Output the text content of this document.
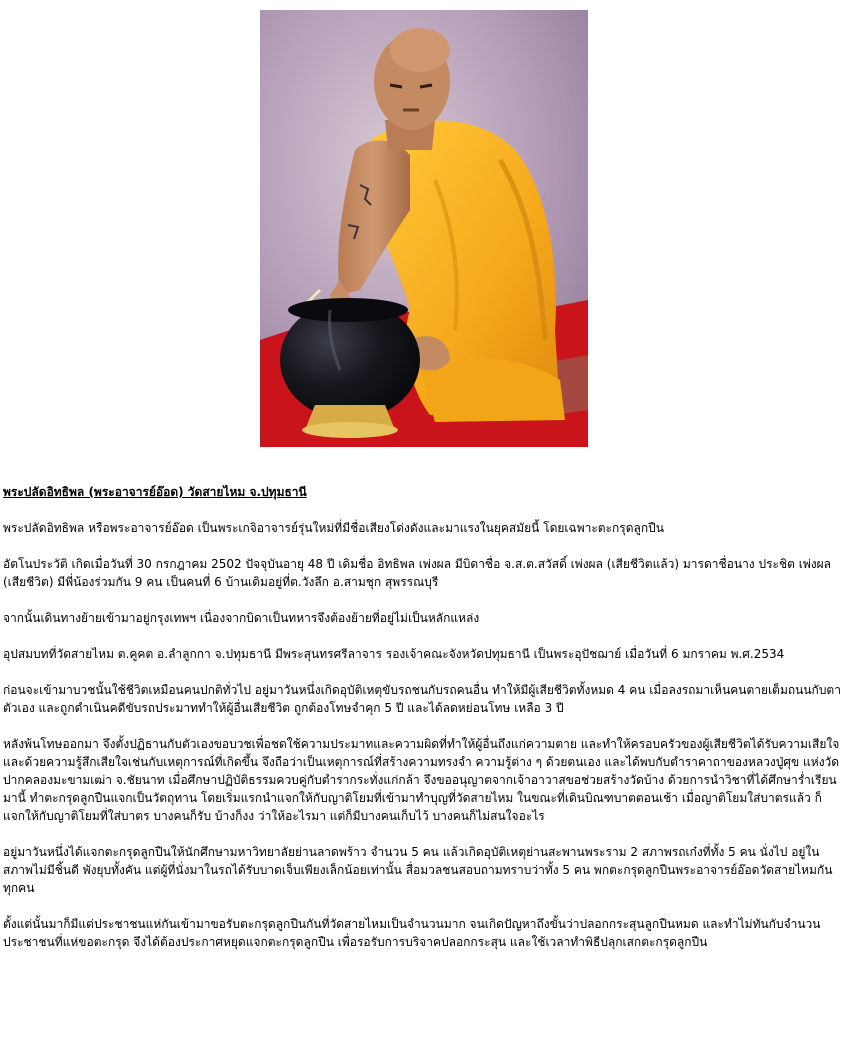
พระปลัดอิทธิพล (พระอาจารย์อ๊อด) วัดสายไหม จ.ปทุมธานี

พระปลัดอิทธิพล หรือพระอาจารย์อ๊อด เป็นพระเกจิอาจารย์รุ่นใหม่ที่มีชื่อเสียงโด่งดังและมาแรงในยุคสมัยนี้ โดยเฉพาะตะกรุดลูกปืน

อัตโนประวัติ เกิดเมื่อวันที่ 30 กรกฎาคม 2502 ปัจจุบันอายุ 48 ปี เดิมชื่อ อิทธิพล เพ่งผล มีบิดาชื่อ จ.ส.ต.สวัสดิ์ เพ่งผล (เสียชีวิตแล้ว) มารดาชื่อนาง ประชิต เพ่งผล (เสียชีวิต) มีพี่น้องร่วมกัน 9 คน เป็นคนที่ 6 บ้านเดิมอยู่ที่ต.วังลึก อ.สามชุก สุพรรณบุรี

จากนั้นเดินทางย้ายเข้ามาอยู่กรุงเทพฯ เนื่องจากบิดาเป็นทหารจึงต้องย้ายที่อยู่ไม่เป็นหลักแหล่ง

อุปสมบทที่วัดสายไหม ต.คูคต อ.ลำลูกกา จ.ปทุมธานี มีพระสุนทรศรีลาจาร รองเจ้าคณะจังหวัดปทุมธานี เป็นพระอุปัชฌาย์ เมื่อวันที่ 6 มกราคม พ.ศ.2534

ก่อนจะเข้ามาบวชนั้นใช้ชีวิตเหมือนคนปกติทั่วไป อยู่มาวันหนึ่งเกิดอุบัติเหตุขับรถชนกับรถคนอื่น ทำให้มีผู้เสียชีวิตทั้งหมด 4 คน เมื่อลงรถมาเห็นคนตายเต็มถนนกับตาตัวเอง และถูกดำเนินคดีขับรถประมาททำให้ผู้อื่นเสียชีวิต ถูกต้องโทษจำคุก 5 ปี และได้ลดหย่อนโทษ เหลือ 3 ปี

หลังพ้นโทษออกมา จึงตั้งปฏิธานกับตัวเองขอบวชเพื่อชดใช้ความประมาทและความผิดที่ทำให้ผู้อื่นถึงแก่ความตาย และทำให้ครอบครัวของผู้เสียชีวิตได้รับความเสียใจ และด้วยความรู้สึกเสียใจเช่นกับเหตุการณ์ที่เกิดขึ้น จึงถือว่าเป็นเหตุการณ์ที่สร้างความทรงจำ ความรู้ต่าง ๆ ด้วยตนเอง และได้พบกับตำราคาถาของหลวงปู่ศุข แห่งวัดปากคลองมะขามเฒ่า จ.ชัยนาท เมื่อศึกษาปฏิบัติธรรมควบคู่กับตำรากระทั่งแก่กล้า จึงขออนุญาตจากเจ้าอาวาสขอช่วยสร้างวัดบ้าง ด้วยการนำวิชาที่ได้ศึกษาร่ำเรียนมานี้ ทำตะกรุดลูกปืนแจกเป็นวัตถุทาน โดยเริ่มแรกนำแจกให้กับญาติโยมที่เข้ามาทำบุญที่วัดสายไหม ในขณะที่เดินบิณฑบาตตอนเช้า เมื่อญาติโยมใส่บาตรแล้ว ก็แจกให้กับญาติโยมที่ใส่บาตร บางคนก็รับ บ้างก็งง ว่าให้อะไรมา แต่ก็มีบางคนเก็บไว้ บางคนก็ไม่สนใจอะไร

อยู่มาวันหนึ่งได้แจกตะกรุดลูกปืนให้นักศึกษามหาวิทยาลัยย่านลาดพร้าว จำนวน 5 คน แล้วเกิดอุบัติเหตุย่านสะพานพระราม 2 สภาพรถเก๋งที่ทั้ง 5 คน นั่งไป อยู่ในสภาพไม่มีชิ้นดี พังยุบทั้งคัน แต่ผู้ที่นั่งมาในรถได้รับบาดเจ็บเพียงเล็กน้อยเท่านั้น สื่อมวลชนสอบถามทราบว่าทั้ง 5 คน พกตะกรุดลูกปืนพระอาจารย์อ๊อดวัดสายไหมกันทุกคน

ตั้งแต่นั้นมาก็มีแต่ประชาชนแห่กันเข้ามาขอรับตะกรุดลูกปืนกันที่วัดสายไหมเป็นจำนวนมาก จนเกิดปัญหาถึงขั้นว่าปลอกกระสุนลูกปืนหมด และทำไม่ทันกับจำนวนประชาชนที่แห่ขอตะกรุด จึงได้ต้องประกาศหยุดแจกตะกรุดลูกปืน เพื่อรอรับการบริจาคปลอกกระสุน และใช้เวลาทำพิธีปลุกเสกตะกรุดลูกปืน
